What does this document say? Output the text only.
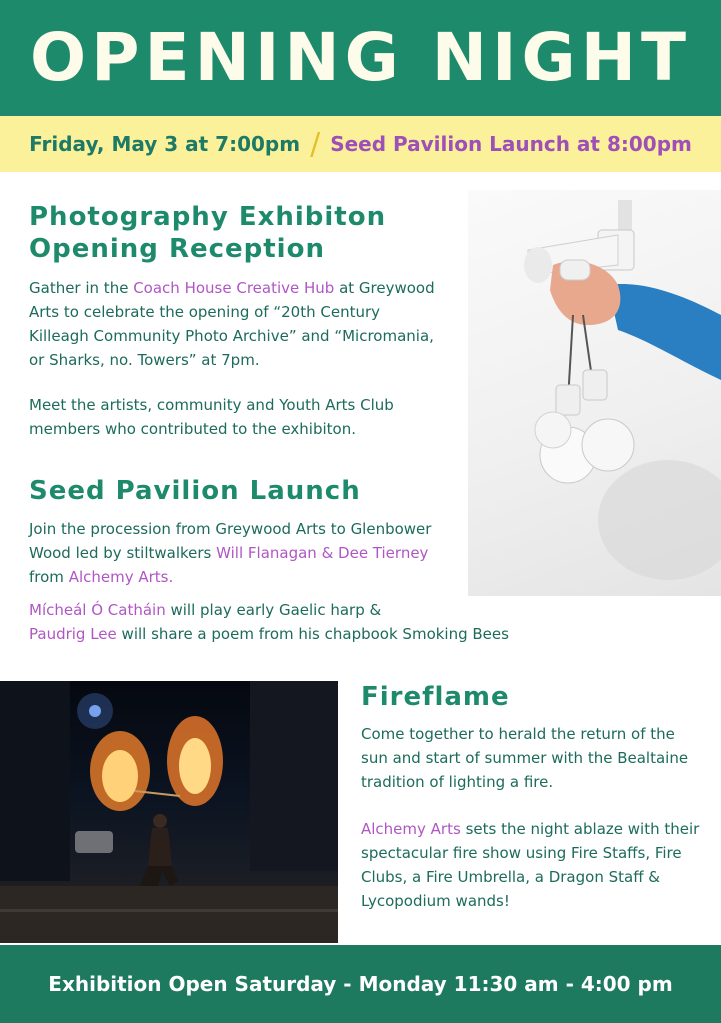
OPENING NIGHT
Friday, May 3 at 7:00pm / Seed Pavilion Launch at 8:00pm
Photography Exhibiton
Opening Reception

Gather in the Coach House Creative Hub at Greywood Arts to celebrate the opening of “20th Century Killeagh Community Photo Archive” and “Micromania, or Sharks, no. Towers” at 7pm.

Meet the artists, community and Youth Arts Club members who contributed to the exhibiton.

Seed Pavilion Launch

Join the procession from Greywood Arts to Glenbower Wood led by stiltwalkers Will Flanagan & Dee Tierney from Alchemy Arts.

Mícheál Ó Catháin will play early Gaelic harp &
Paudrig Lee will share a poem from his chapbook Smoking Bees

Fireflame

Come together to herald the return of the sun and start of summer with the Bealtaine tradition of lighting a fire.

Alchemy Arts sets the night ablaze with their spectacular fire show using Fire Staffs, Fire Clubs, a Fire Umbrella, a Dragon Staff & Lycopodium wands!

Exhibition Open Saturday - Monday 11:30 am - 4:00 pm
